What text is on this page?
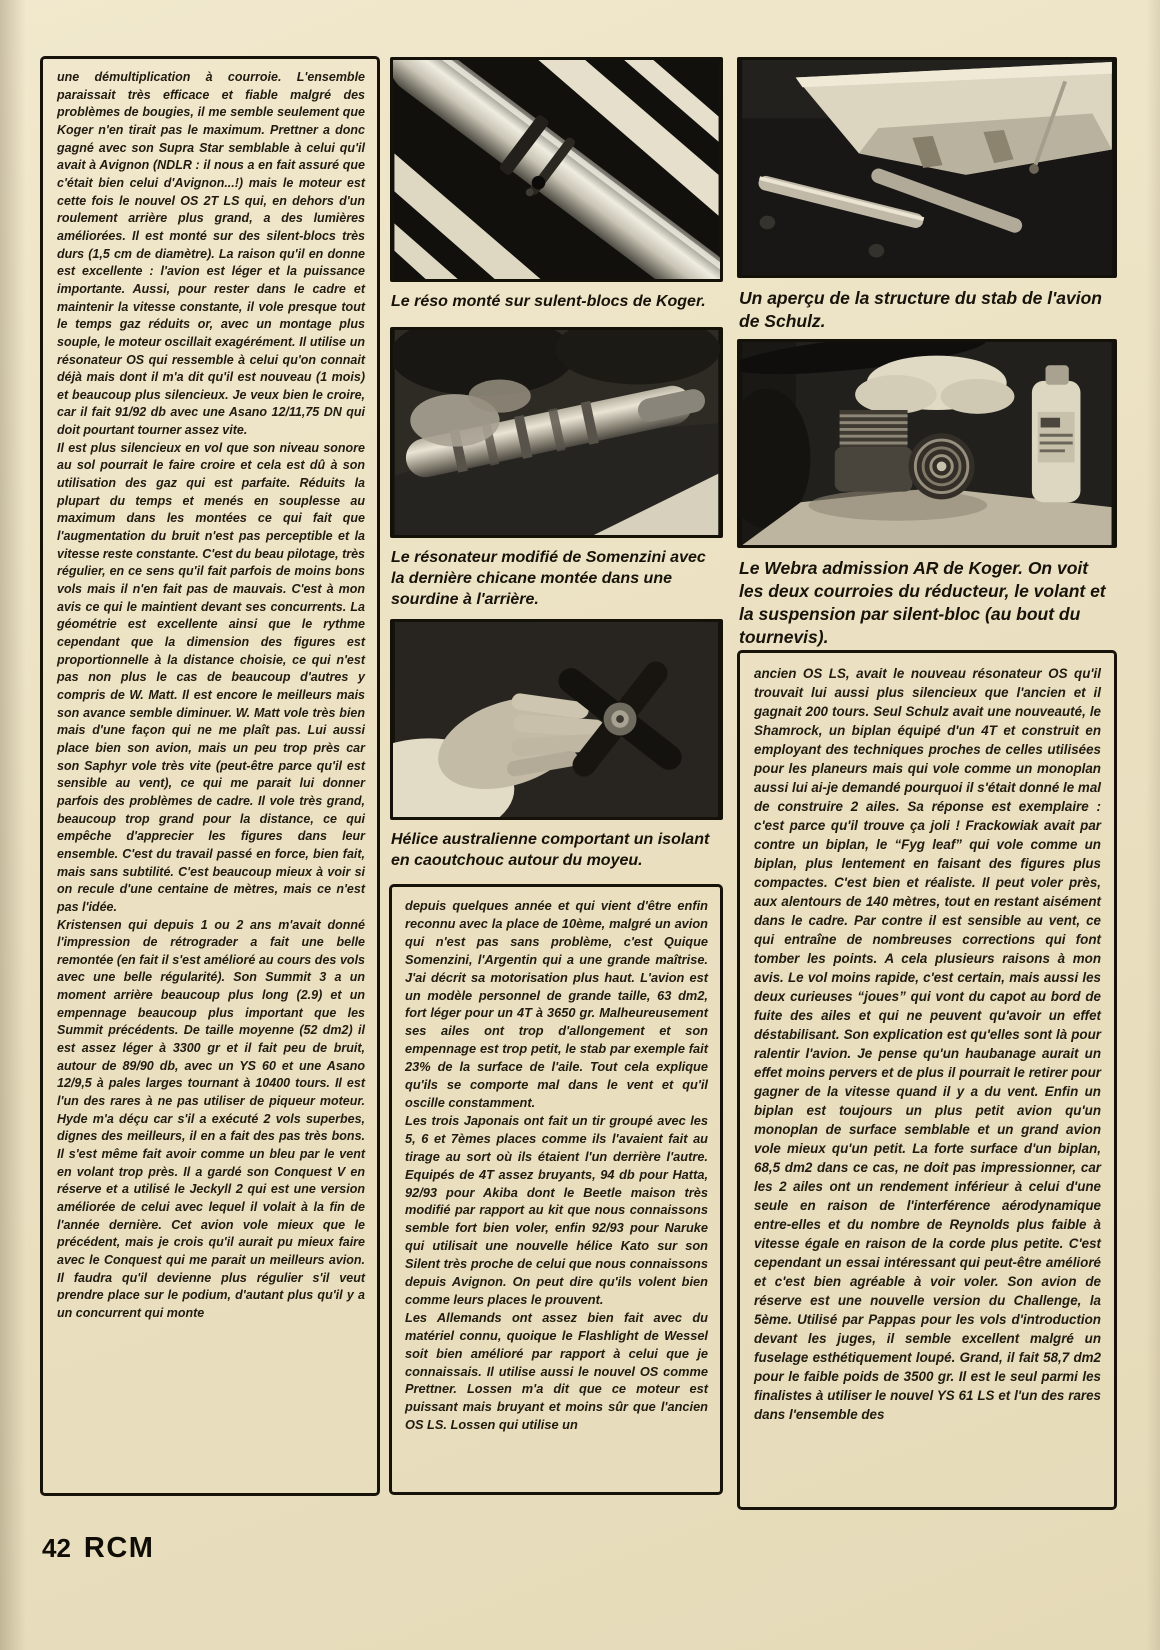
une démultiplication à courroie. L'ensemble paraissait très efficace et fiable malgré des problèmes de bougies, il me semble seulement que Koger n'en tirait pas le maximum. Prettner a donc gagné avec son Supra Star semblable à celui qu'il avait à Avignon (NDLR : il nous a en fait assuré que c'était bien celui d'Avignon...!) mais le moteur est cette fois le nouvel OS 2T LS qui, en dehors d'un roulement arrière plus grand, a des lumières améliorées. Il est monté sur des silent-blocs très durs (1,5 cm de diamètre). La raison qu'il en donne est excellente : l'avion est léger et la puissance importante. Aussi, pour rester dans le cadre et maintenir la vitesse constante, il vole presque tout le temps gaz réduits or, avec un montage plus souple, le moteur oscillait exagérément. Il utilise un résonateur OS qui ressemble à celui qu'on connait déjà mais dont il m'a dit qu'il est nouveau (1 mois) et beaucoup plus silencieux. Je veux bien le croire, car il fait 91/92 db avec une Asano 12/11,75 DN qui doit pourtant tourner assez vite.

Il est plus silencieux en vol que son niveau sonore au sol pourrait le faire croire et cela est dû à son utilisation des gaz qui est parfaite. Réduits la plupart du temps et menés en souplesse au maximum dans les montées ce qui fait que l'augmentation du bruit n'est pas perceptible et la vitesse reste constante. C'est du beau pilotage, très régulier, en ce sens qu'il fait parfois de moins bons vols mais il n'en fait pas de mauvais. C'est à mon avis ce qui le maintient devant ses concurrents. La géométrie est excellente ainsi que le rythme cependant que la dimension des figures est proportionnelle à la distance choisie, ce qui n'est pas non plus le cas de beaucoup d'autres y compris de W. Matt. Il est encore le meilleurs mais son avance semble diminuer. W. Matt vole très bien mais d'une façon qui ne me plaît pas. Lui aussi place bien son avion, mais un peu trop près car son Saphyr vole très vite (peut-être parce qu'il est sensible au vent), ce qui me parait lui donner parfois des problèmes de cadre. Il vole très grand, beaucoup trop grand pour la distance, ce qui empêche d'apprecier les figures dans leur ensemble. C'est du travail passé en force, bien fait, mais sans subtilité. C'est beaucoup mieux à voir si on recule d'une centaine de mètres, mais ce n'est pas l'idée.

Kristensen qui depuis 1 ou 2 ans m'avait donné l'impression de rétrograder a fait une belle remontée (en fait il s'est amélioré au cours des vols avec une belle régularité). Son Summit 3 a un moment arrière beaucoup plus long (2.9) et un empennage beaucoup plus important que les Summit précédents. De taille moyenne (52 dm2) il est assez léger à 3300 gr et il fait peu de bruit, autour de 89/90 db, avec un YS 60 et une Asano 12/9,5 à pales larges tournant à 10400 tours. Il est l'un des rares à ne pas utiliser de piqueur moteur. Hyde m'a déçu car s'il a exécuté 2 vols superbes, dignes des meilleurs, il en a fait des pas très bons. Il s'est même fait avoir comme un bleu par le vent en volant trop près. Il a gardé son Conquest V en réserve et a utilisé le Jeckyll 2 qui est une version améliorée de celui avec lequel il volait à la fin de l'année dernière. Cet avion vole mieux que le précédent, mais je crois qu'il aurait pu mieux faire avec le Conquest qui me parait un meilleurs avion. Il faudra qu'il devienne plus régulier s'il veut prendre place sur le podium, d'autant plus qu'il y a un concurrent qui monte

Le réso monté sur sulent-blocs de Koger.
Le résonateur modifié de Somenzini avec la dernière chicane montée dans une sourdine à l'arrière.
Hélice australienne comportant un isolant en caoutchouc autour du moyeu.

depuis quelques année et qui vient d'être enfin reconnu avec la place de 10ème, malgré un avion qui n'est pas sans problème, c'est Quique Somenzini, l'Argentin qui a une grande maîtrise. J'ai décrit sa motorisation plus haut. L'avion est un modèle personnel de grande taille, 63 dm2, fort léger pour un 4T à 3650 gr. Malheureusement ses ailes ont trop d'allongement et son empennage est trop petit, le stab par exemple fait 23% de la surface de l'aile. Tout cela explique qu'ils se comporte mal dans le vent et qu'il oscille constamment.

Les trois Japonais ont fait un tir groupé avec les 5, 6 et 7èmes places comme ils l'avaient fait au tirage au sort où ils étaient l'un derrière l'autre. Equipés de 4T assez bruyants, 94 db pour Hatta, 92/93 pour Akiba dont le Beetle maison très modifié par rapport au kit que nous connaissons semble fort bien voler, enfin 92/93 pour Naruke qui utilisait une nouvelle hélice Kato sur son Silent très proche de celui que nous connaissons depuis Avignon. On peut dire qu'ils volent bien comme leurs places le prouvent.

Les Allemands ont assez bien fait avec du matériel connu, quoique le Flashlight de Wessel soit bien amélioré par rapport à celui que je connaissais. Il utilise aussi le nouvel OS comme Prettner. Lossen m'a dit que ce moteur est puissant mais bruyant et moins sûr que l'ancien OS LS. Lossen qui utilise un

Un aperçu de la structure du stab de l'avion de Schulz.
Le Webra admission AR de Koger. On voit les deux courroies du réducteur, le volant et la suspension par silent-bloc (au bout du tournevis).

ancien OS LS, avait le nouveau résonateur OS qu'il trouvait lui aussi plus silencieux que l'ancien et il gagnait 200 tours. Seul Schulz avait une nouveauté, le Shamrock, un biplan équipé d'un 4T et construit en employant des techniques proches de celles utilisées pour les planeurs mais qui vole comme un monoplan aussi lui ai-je demandé pourquoi il s'était donné le mal de construire 2 ailes. Sa réponse est exemplaire : c'est parce qu'il trouve ça joli ! Frackowiak avait par contre un biplan, le “Fyg leaf” qui vole comme un biplan, plus lentement en faisant des figures plus compactes. C'est bien et réaliste. Il peut voler près, aux alentours de 140 mètres, tout en restant aisément dans le cadre. Par contre il est sensible au vent, ce qui entraîne de nombreuses corrections qui font tomber les points. A cela plusieurs raisons à mon avis. Le vol moins rapide, c'est certain, mais aussi les deux curieuses “joues” qui vont du capot au bord de fuite des ailes et qui ne peuvent qu'avoir un effet déstabilisant. Son explication est qu'elles sont là pour ralentir l'avion. Je pense qu'un haubanage aurait un effet moins pervers et de plus il pourrait le retirer pour gagner de la vitesse quand il y a du vent. Enfin un biplan est toujours un plus petit avion qu'un monoplan de surface semblable et un grand avion vole mieux qu'un petit. La forte surface d'un biplan, 68,5 dm2 dans ce cas, ne doit pas impressionner, car les 2 ailes ont un rendement inférieur à celui d'une seule en raison de l'interférence aérodynamique entre-elles et du nombre de Reynolds plus faible à vitesse égale en raison de la corde plus petite. C'est cependant un essai intéressant qui peut-être amélioré et c'est bien agréable à voir voler. Son avion de réserve est une nouvelle version du Challenge, la 5ème. Utilisé par Pappas pour les vols d'introduction devant les juges, il semble excellent malgré un fuselage esthétiquement loupé. Grand, il fait 58,7 dm2 pour le faible poids de 3500 gr. Il est le seul parmi les finalistes à utiliser le nouvel YS 61 LS et l'un des rares dans l'ensemble des

42 RCM
